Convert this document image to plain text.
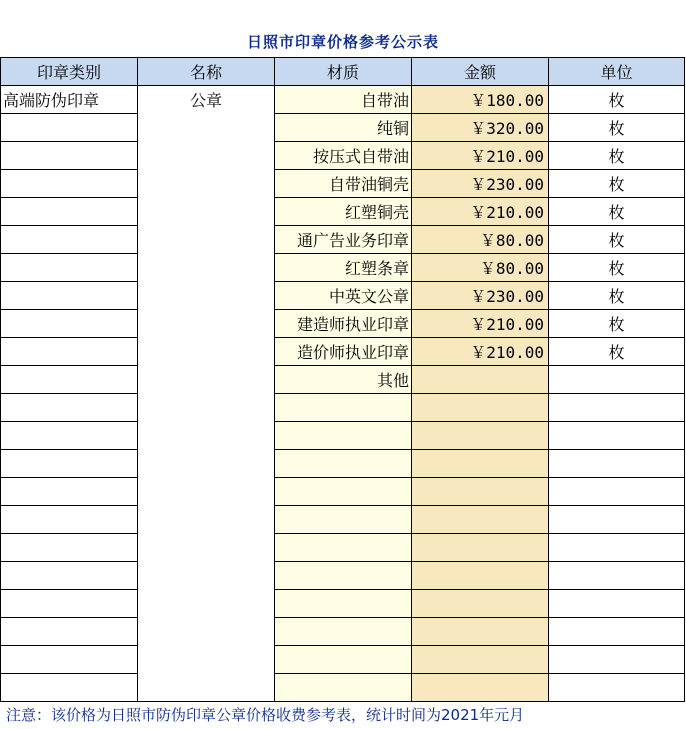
日照市印章价格参考公示表
印章类别	名称	材质	金额	单位
高端防伪印章	公章	自带油	￥180.00	枚
		纯铜	￥320.00	枚
		按压式自带油	￥210.00	枚
		自带油铜壳	￥230.00	枚
		红塑铜壳	￥210.00	枚
		通广告业务印章	￥80.00	枚
		红塑条章	￥80.00	枚
		中英文公章	￥230.00	枚
		建造师执业印章	￥210.00	枚
		造价师执业印章	￥210.00	枚
		其他		

注意：该价格为日照市防伪印章公章价格收费参考表，统计时间为2021年元月
